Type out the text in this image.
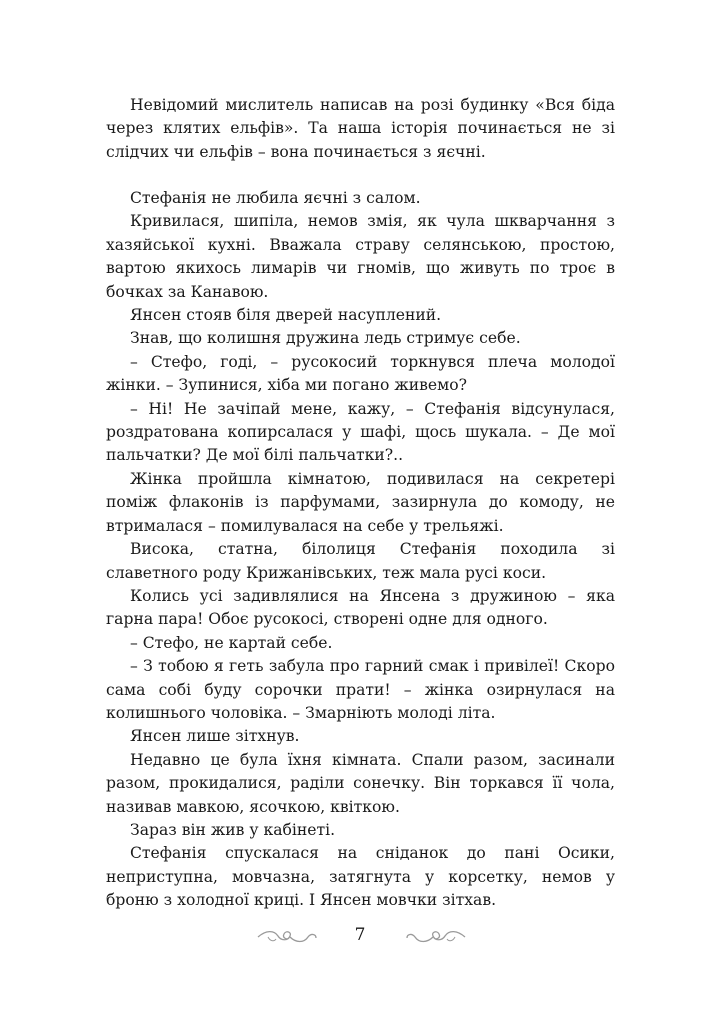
Невідомий мислитель написав на розі будинку «Вся біда через клятих ельфів». Та наша історія починається не зі слідчих чи ельфів – вона починається з яєчні.

Стефанія не любила яєчні з салом.

Кривилася, шипіла, немов змія, як чула шкварчання з хазяйської кухні. Вважала страву селянською, простою, вартою якихось лимарів чи гномів, що живуть по троє в бочках за Канавою.

Янсен стояв біля дверей насуплений.

Знав, що колишня дружина ледь стримує себе.

– Стефо, годі, – русокосий торкнувся плеча молодої жінки. – Зупинися, хіба ми погано живемо?

– Ні! Не зачіпай мене, кажу, – Стефанія відсунулася, роздратована копирсалася у шафі, щось шукала. – Де мої пальчатки? Де мої білі пальчатки?..

Жінка пройшла кімнатою, подивилася на секретері поміж флаконів із парфумами, зазирнула до комоду, не втрималася – помилувалася на себе у трельяжі.

Висока, статна, білолиця Стефанія походила зі славетного роду Крижанівських, теж мала русі коси.

Колись усі задивлялися на Янсена з дружиною – яка гарна пара! Обоє русокосі, створені одне для одного.

– Стефо, не картай себе.

– З тобою я геть забула про гарний смак і привілеї! Скоро сама собі буду сорочки прати! – жінка озирнулася на колишнього чоловіка. – Змарніють молоді літа.

Янсен лише зітхнув.

Недавно це була їхня кімната. Спали разом, засинали разом, прокидалися, раділи сонечку. Він торкався її чола, називав мавкою, ясочкою, квіткою.

Зараз він жив у кабінеті.

Стефанія спускалася на сніданок до пані Осики, неприступна, мовчазна, затягнута у корсетку, немов у броню з холодної криці. І Янсен мовчки зітхав.

7
